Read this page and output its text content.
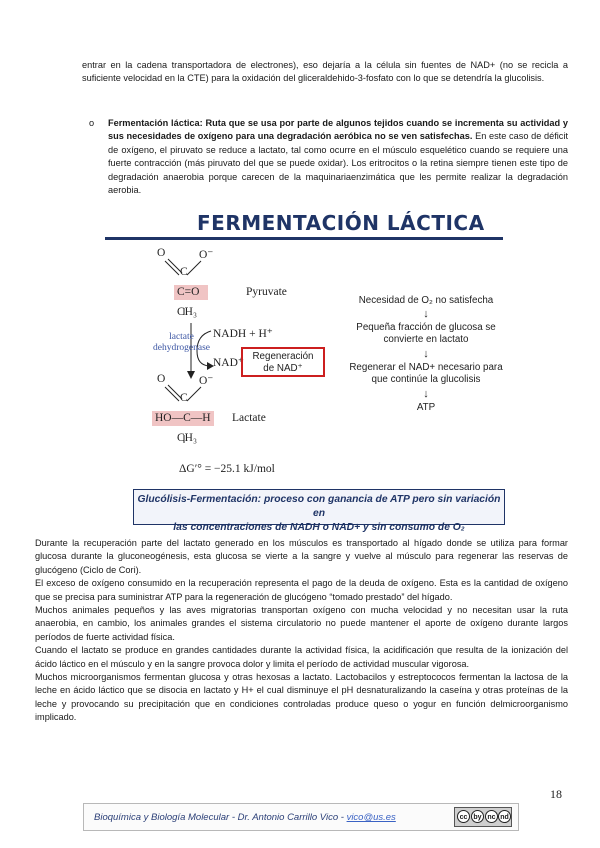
entrar en la cadena transportadora de electrones), eso dejaría a la célula sin fuentes de NAD+ (no se recicla a suficiente velocidad en la CTE) para la oxidación del gliceraldehido-3-fosfato con lo que se detendría la glucolisis.
o Fermentación láctica: Ruta que se usa por parte de algunos tejidos cuando se incrementa su actividad y sus necesidades de oxígeno para una degradación aeróbica no se ven satisfechas. En este caso de déficit de oxígeno, el piruvato se reduce a lactato, tal como ocurre en el músculo esquelético cuando se requiere una fuerte contracción (más piruvato del que se puede oxidar). Los eritrocitos o la retina siempre tienen este tipo de degradación anaerobia porque carecen de la maquinariaenzimática que les permite realizar la degradación aerobia.
FERMENTACIÓN LÁCTICA
O	O⁻
C
C=O	Pyruvate
CH₃
lactate
dehydrogenase
NADH + H⁺
NAD⁺
Regeneración
de NAD⁺
O	O⁻
C
HO—C—H Lactate
CH₃
ΔG′° = −25.1 kJ/mol
Necesidad de O₂ no satisfecha
↓
Pequeña fracción de glucosa se convierte en lactato
↓
Regenerar el NAD+ necesario para que continúe la glucolisis
↓
ATP
Glucólisis-Fermentación: proceso con ganancia de ATP pero sin variación en
las concentraciones de NADH o NAD+ y sin consumo de O₂
Durante la recuperación parte del lactato generado en los músculos es transportado al hígado donde se utiliza para formar glucosa durante la gluconeogénesis, esta glucosa se vierte a la sangre y vuelve al músculo para regenerar las reservas de glucógeno (Ciclo de Cori).
El exceso de oxígeno consumido en la recuperación representa el pago de la deuda de oxígeno. Esta es la cantidad de oxígeno que se precisa para suministrar ATP para la regeneración de glucógeno “tomado prestado” del hígado.
Muchos animales pequeños y las aves migratorias transportan oxígeno con mucha velocidad y no necesitan usar la ruta anaerobia, en cambio, los animales grandes el sistema circulatorio no puede mantener el aporte de oxígeno durante largos períodos de fuerte actividad física.
Cuando el lactato se produce en grandes cantidades durante la actividad física, la acidificación que resulta de la ionización del ácido láctico en el músculo y en la sangre provoca dolor y limita el período de actividad muscular vigorosa.
Muchos microorganismos fermentan glucosa y otras hexosas a lactato. Lactobacilos y estreptococos fermentan la lactosa de la leche en ácido láctico que se disocia en lactato y H+ el cual disminuye el pH desnaturalizando la caseína y otras proteínas de la leche y provocando su precipitación que en condiciones controladas produce queso o yogur en función delmicroorganismo implicado.
18
Bioquímica y Biología Molecular - Dr. Antonio Carrillo Vico - vico@us.es	cc by nc nd
